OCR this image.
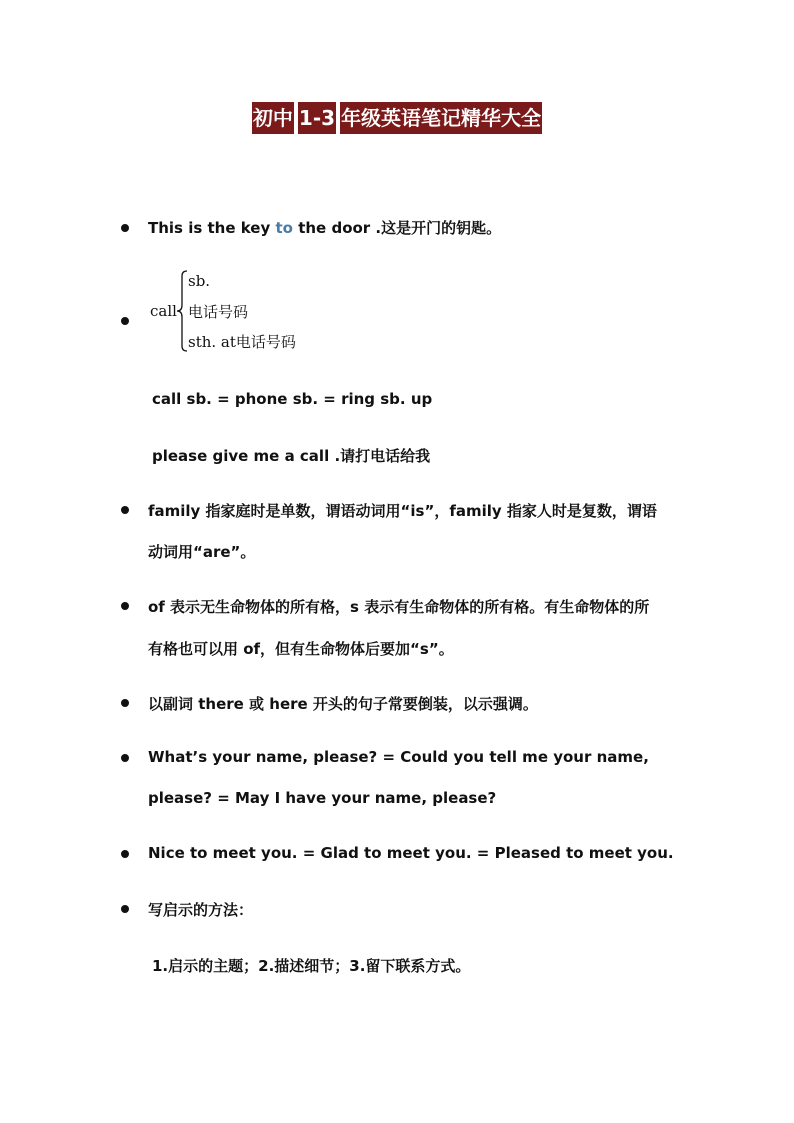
初中 1-3 年级英语笔记精华大全
This is the key to the door .这是开门的钥匙。
call
sb.
电话号码
sth. at电话号码
call sb. = phone sb. = ring sb. up
please give me a call .请打电话给我
family 指家庭时是单数，谓语动词用“is”，family 指家人时是复数，谓语
动词用“are”。
of 表示无生命物体的所有格，s 表示有生命物体的所有格。有生命物体的所
有格也可以用 of，但有生命物体后要加“s”。
以副词 there 或 here 开头的句子常要倒装，以示强调。
What’s your name, please? = Could you tell me your name,
please? = May I have your name, please?
Nice to meet you. = Glad to meet you. = Pleased to meet you.
写启示的方法：
1.启示的主题；2.描述细节；3.留下联系方式。
